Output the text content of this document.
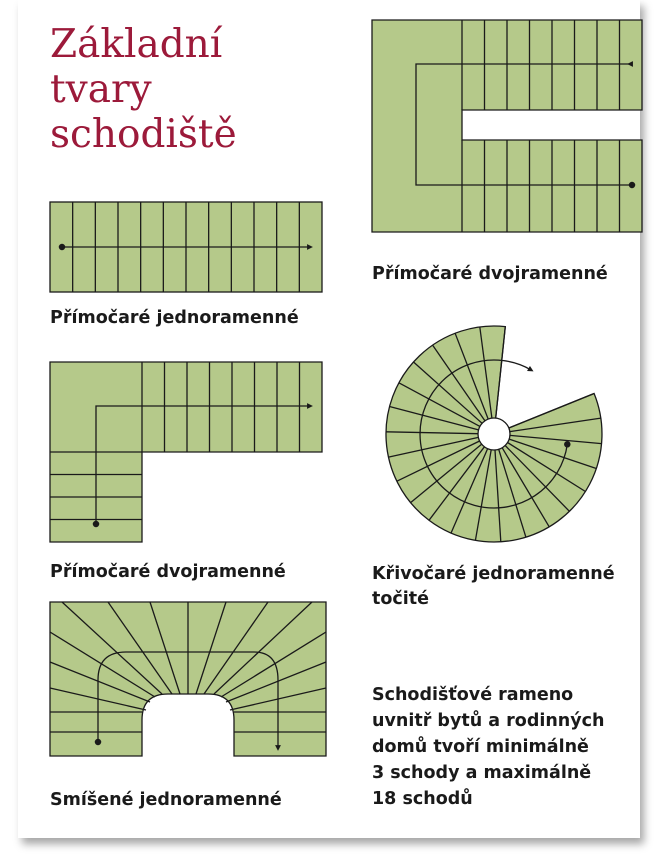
Základní
tvary
schodiště

Přímočaré jednoramenné

Přímočaré dvojramenné

Přímočaré dvojramenné	Křivočaré jednoramenné
točité

Smíšené jednoramenné

Schodišťové rameno
uvnitř bytů a rodinných
domů tvoří minimálně
3 schody a maximálně
18 schodů
